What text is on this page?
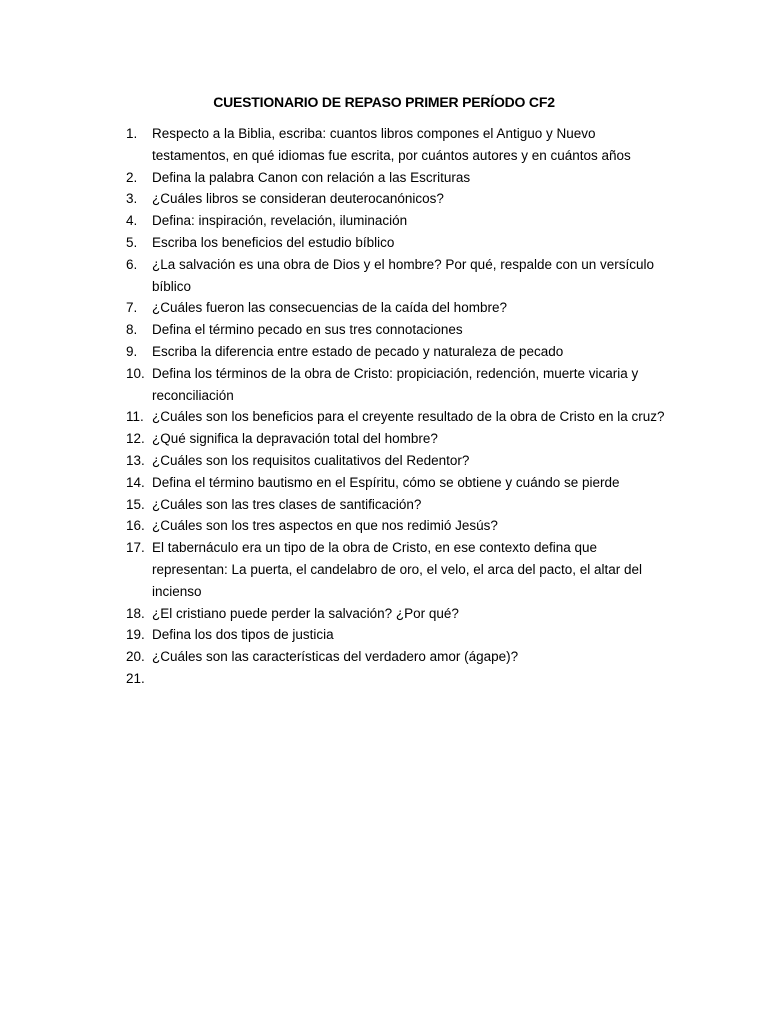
CUESTIONARIO DE REPASO PRIMER PERÍODO CF2
1.	Respecto a la Biblia, escriba: cuantos libros compones el Antiguo y Nuevo testamentos, en qué idiomas fue escrita, por cuántos autores y en cuántos años
2.	Defina la palabra Canon con relación a las Escrituras
3.	¿Cuáles libros se consideran deuterocanónicos?
4.	Defina: inspiración, revelación, iluminación
5.	Escriba los beneficios del estudio bíblico
6.	¿La salvación es una obra de Dios y el hombre? Por qué, respalde con un versículo bíblico
7.	¿Cuáles fueron las consecuencias de la caída del hombre?
8.	Defina el término pecado en sus tres connotaciones
9.	Escriba la diferencia entre estado de pecado y naturaleza de pecado
10. Defina los términos de la obra de Cristo: propiciación, redención, muerte vicaria y reconciliación
11. ¿Cuáles son los beneficios para el creyente resultado de la obra de Cristo en la cruz?
12. ¿Qué significa la depravación total del hombre?
13. ¿Cuáles son los requisitos cualitativos del Redentor?
14. Defina el término bautismo en el Espíritu, cómo se obtiene y cuándo se pierde
15. ¿Cuáles son las tres clases de santificación?
16. ¿Cuáles son los tres aspectos en que nos redimió Jesús?
17. El tabernáculo era un tipo de la obra de Cristo, en ese contexto defina que representan: La puerta, el candelabro de oro, el velo, el arca del pacto, el altar del incienso
18. ¿El cristiano puede perder la salvación? ¿Por qué?
19. Defina los dos tipos de justicia
20. ¿Cuáles son las características del verdadero amor (ágape)?
21.
